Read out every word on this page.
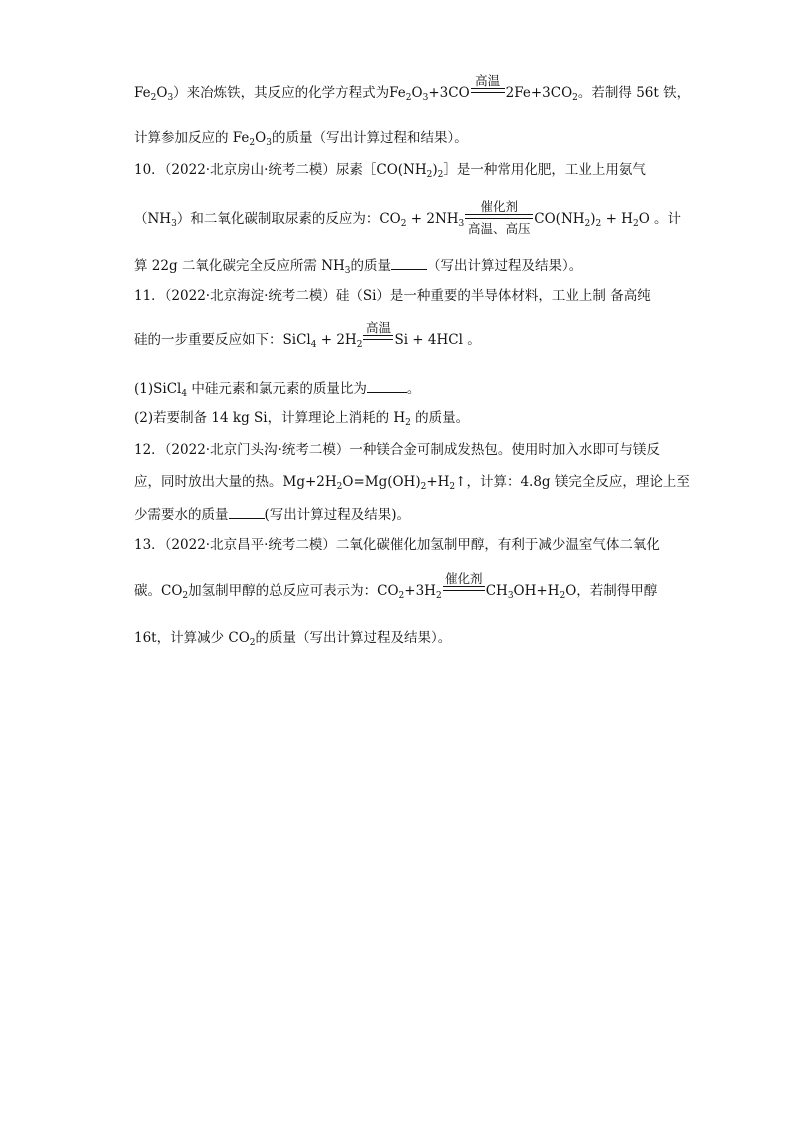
$Fe_2O_3$）来冶炼铁，其反应的化学方程式为$Fe_2O_3+3CO$
高温
$2Fe+3CO_2$。若制得 56t 铁，
计算参加反应的 $Fe_2O_3$的质量（写出计算过程和结果）。
10．（2022·北京房山·统考二模）尿素$[CO(NH_2)_2]$是一种常用化肥，工业上用氨气
$(NH_3)$和二氧化碳制取尿素的反应为：$CO_2 + 2NH_3$
催化剂
高温、高压
$CO(NH_2)_2 + H_2O$ 。计
算 22g 二氧化碳完全反应所需 $NH_3$的质量	（写出计算过程及结果）。
11．（2022·北京海淀·统考二模）硅（Si）是一种重要的半导体材料，工业上制 备高纯
硅的一步重要反应如下：SiCl$_4$ + $2H_2$
高温
Si + 4HCl 。
(1)SiCl$_4$ 中硅元素和氯元素的质量比为	。
(2)若要制备 14 kg Si，计算理论上消耗的 $H_2$ 的质量。
12．（2022·北京门头沟·统考二模）一种镁合金可制成发热包。使用时加入水即可与镁反
应，同时放出大量的热。$Mg+2H_2O=Mg(OH)_2+H_2↑$，计算：4.8g 镁完全反应，理论上至
少需要水的质量	(写出计算过程及结果)。
13．（2022·北京昌平·统考二模）二氧化碳催化加氢制甲醇，有利于减少温室气体二氧化
碳。$CO_2$加氢制甲醇的总反应可表示为：$CO_2+3H_2$
催化剂
$CH_3OH+H_2O$，若制得甲醇
16t，计算减少 $CO_2$的质量（写出计算过程及结果）。
